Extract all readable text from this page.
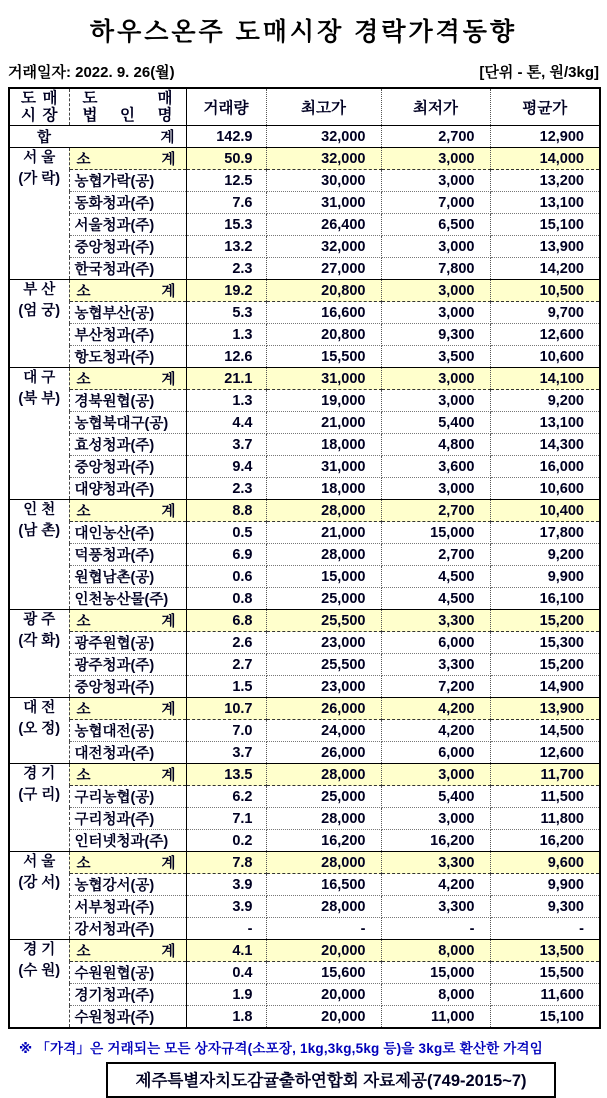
하우스온주 도매시장 경락가격동향
거래일자: 2022. 9. 26(월)	[단위 - 톤, 원/3kg]
도 매
시 장

도	매
법 인 명	거래량	최고가	최저가	평균가

합 계		142.9	32,000	2,700	12,900

서 울
(가 락)

소	계	50.9	32,000	3,000	14,000
	농협가락(공)	12.5	30,000	3,000	13,200
	동화청과(주)	7.6	31,000	7,000	13,100
	서울청과(주)	15.3	26,400	6,500	15,100
	중앙청과(주)	13.2	32,000	3,000	13,900
	한국청과(주)	2.3	27,000	7,800	14,200

부 산
(엄 궁)

소	계	19.2	20,800	3,000	10,500
	농협부산(공)	5.3	16,600	3,000	9,700
	부산청과(주)	1.3	20,800	9,300	12,600
	항도청과(주)	12.6	15,500	3,500	10,600

대 구
(북 부)

소	계	21.1	31,000	3,000	14,100
	경북원협(공)	1.3	19,000	3,000	9,200
	농협북대구(공)	4.4	21,000	5,400	13,100
	효성청과(주)	3.7	18,000	4,800	14,300
	중앙청과(주)	9.4	31,000	3,600	16,000
	대양청과(주)	2.3	18,000	3,000	10,600

인 천
(남 촌)

소	계	8.8	28,000	2,700	10,400
	대인농산(주)	0.5	21,000	15,000	17,800
	덕풍청과(주)	6.9	28,000	2,700	9,200
	원협남촌(공)	0.6	15,000	4,500	9,900
	인천농산물(주)	0.8	25,000	4,500	16,100

광 주
(각 화)

소	계	6.8	25,500	3,300	15,200
	광주원협(공)	2.6	23,000	6,000	15,300
	광주청과(주)	2.7	25,500	3,300	15,200
	중앙청과(주)	1.5	23,000	7,200	14,900

대 전
(오 정)

소	계	10.7	26,000	4,200	13,900
	농협대전(공)	7.0	24,000	4,200	14,500
	대전청과(주)	3.7	26,000	6,000	12,600

경 기
(구 리)

소	계	13.5	28,000	3,000	11,700
	구리농협(공)	6.2	25,000	5,400	11,500
	구리청과(주)	7.1	28,000	3,000	11,800
	인터넷청과(주)	0.2	16,200	16,200	16,200

서 울
(강 서)

소	계	7.8	28,000	3,300	9,600
	농협강서(공)	3.9	16,500	4,200	9,900
	서부청과(주)	3.9	28,000	3,300	9,300
	강서청과(주)	-	-	-	-

경 기
(수 원)

소	계	4.1	20,000	8,000	13,500
	수원원협(공)	0.4	15,600	15,000	15,500
	경기청과(주)	1.9	20,000	8,000	11,600
	수원청과(주)	1.8	20,000	11,000	15,100
※ 「가격」은 거래되는 모든 상자규격(소포장, 1kg,3kg,5kg 등)을 3kg로 환산한 가격임
제주특별자치도감귤출하연합회 자료제공(749-2015~7)
